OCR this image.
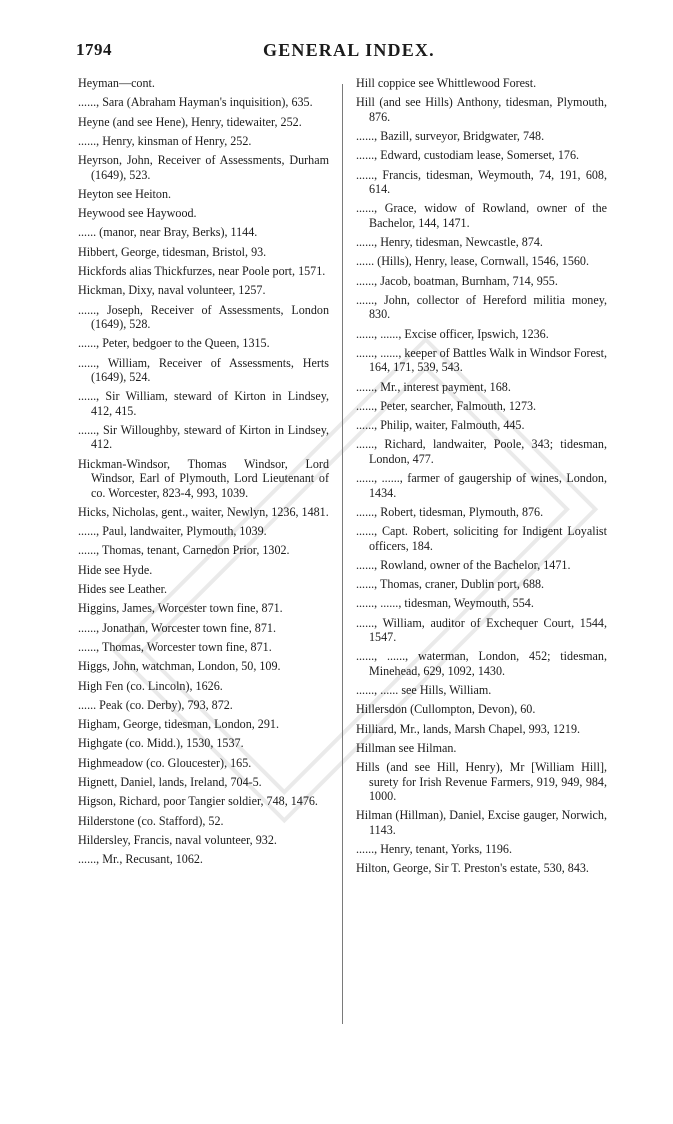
1794	GENERAL INDEX.

Heyman—cont.

......, Sara (Abraham Hayman's inquisition), 635.

Heyne (and see Hene), Henry, tidewaiter, 252.

......, Henry, kinsman of Henry, 252.

Heyrson, John, Receiver of Assessments, Durham (1649), 523.

Heyton see Heiton.

Heywood see Haywood.

...... (manor, near Bray, Berks), 1144.

Hibbert, George, tidesman, Bristol, 93.

Hickfords alias Thickfurzes, near Poole port, 1571.

Hickman, Dixy, naval volunteer, 1257.

......, Joseph, Receiver of Assessments, London (1649), 528.

......, Peter, bedgoer to the Queen, 1315.

......, William, Receiver of Assessments, Herts (1649), 524.

......, Sir William, steward of Kirton in Lindsey, 412, 415.

......, Sir Willoughby, steward of Kirton in Lindsey, 412.

Hickman-Windsor, Thomas Windsor, Lord Windsor, Earl of Plymouth, Lord Lieutenant of co. Worcester, 823-4, 993, 1039.

Hicks, Nicholas, gent., waiter, Newlyn, 1236, 1481.

......, Paul, landwaiter, Plymouth, 1039.

......, Thomas, tenant, Carnedon Prior, 1302.

Hide see Hyde.

Hides see Leather.

Higgins, James, Worcester town fine, 871.

......, Jonathan, Worcester town fine, 871.

......, Thomas, Worcester town fine, 871.

Higgs, John, watchman, London, 50, 109.

High Fen (co. Lincoln), 1626.

...... Peak (co. Derby), 793, 872.

Higham, George, tidesman, London, 291.

Highgate (co. Midd.), 1530, 1537.

Highmeadow (co. Gloucester), 165.

Hignett, Daniel, lands, Ireland, 704-5.

Higson, Richard, poor Tangier soldier, 748, 1476.

Hilderstone (co. Stafford), 52.

Hildersley, Francis, naval volunteer, 932.

......, Mr., Recusant, 1062.

Hill coppice see Whittlewood Forest.

Hill (and see Hills) Anthony, tidesman, Plymouth, 876.

......, Bazill, surveyor, Bridgwater, 748.

......, Edward, custodiam lease, Somerset, 176.

......, Francis, tidesman, Weymouth, 74, 191, 608, 614.

......, Grace, widow of Rowland, owner of the Bachelor, 144, 1471.

......, Henry, tidesman, Newcastle, 874.

...... (Hills), Henry, lease, Cornwall, 1546, 1560.

......, Jacob, boatman, Burnham, 714, 955.

......, John, collector of Hereford militia money, 830.

......, ......, Excise officer, Ipswich, 1236.

......, ......, keeper of Battles Walk in Windsor Forest, 164, 171, 539, 543.

......, Mr., interest payment, 168.

......, Peter, searcher, Falmouth, 1273.

......, Philip, waiter, Falmouth, 445.

......, Richard, landwaiter, Poole, 343; tidesman, London, 477.

......, ......, farmer of gaugership of wines, London, 1434.

......, Robert, tidesman, Plymouth, 876.

......, Capt. Robert, soliciting for Indigent Loyalist officers, 184.

......, Rowland, owner of the Bachelor, 1471.

......, Thomas, craner, Dublin port, 688.

......, ......, tidesman, Weymouth, 554.

......, William, auditor of Exchequer Court, 1544, 1547.

......, ......, waterman, London, 452; tidesman, Minehead, 629, 1092, 1430.

......, ...... see Hills, William.

Hillersdon (Cullompton, Devon), 60.

Hilliard, Mr., lands, Marsh Chapel, 993, 1219.

Hillman see Hilman.

Hills (and see Hill, Henry), Mr [William Hill], surety for Irish Revenue Farmers, 919, 949, 984, 1000.

Hilman (Hillman), Daniel, Excise gauger, Norwich, 1143.

......, Henry, tenant, Yorks, 1196.

Hilton, George, Sir T. Preston's estate, 530, 843.
